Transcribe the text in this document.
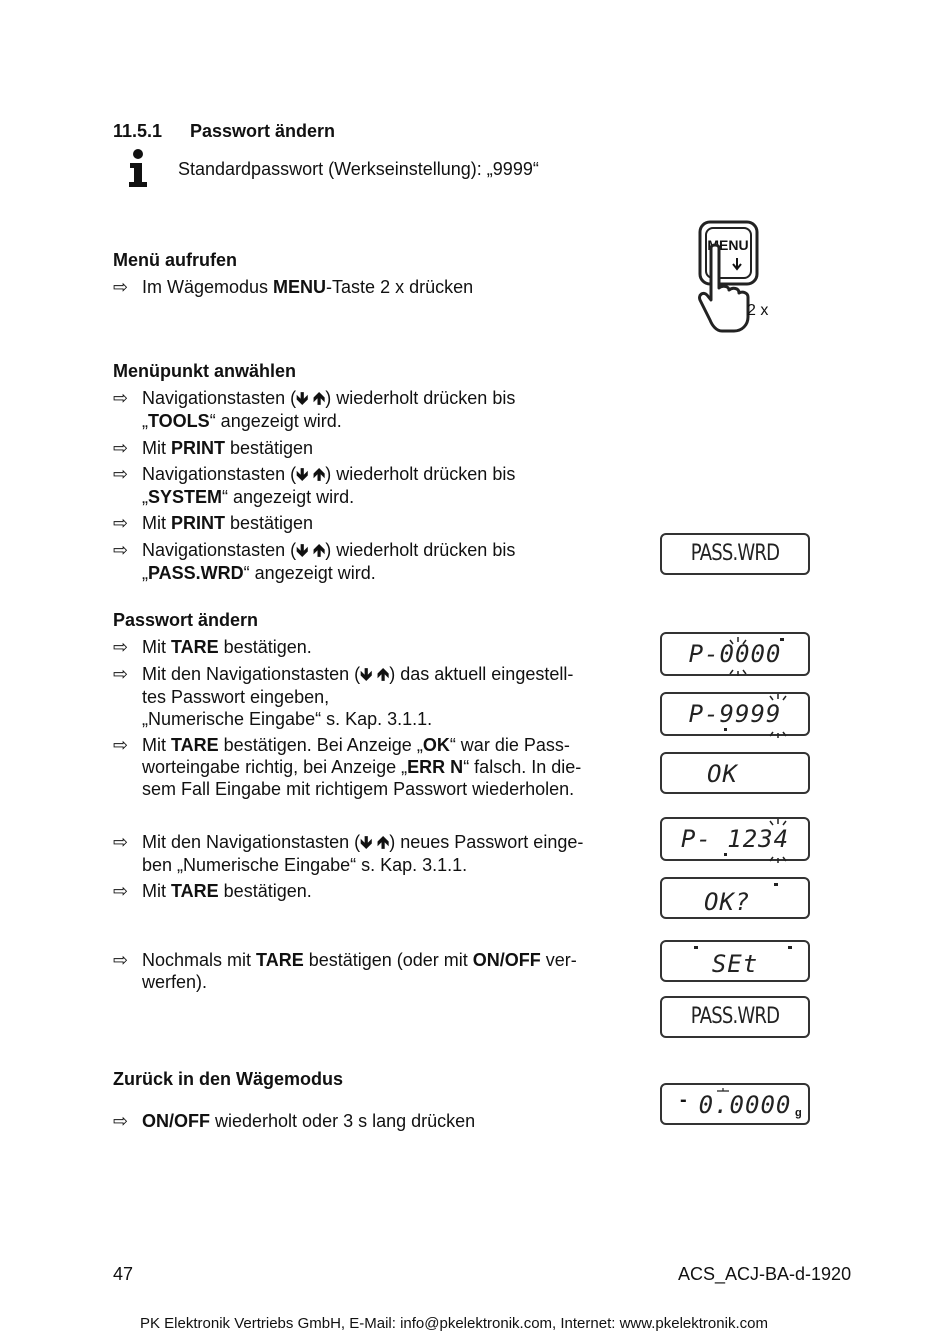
11.5.1 Passwort ändern
Standardpasswort (Werkseinstellung): „9999“
MENU
2 x
Menü aufrufen
⇨ Im Wägemodus MENU-Taste 2 x drücken
Menüpunkt anwählen
⇨ Navigationstasten (🡻 🡹) wiederholt drücken bis
„TOOLS“ angezeigt wird.
⇨ Mit PRINT bestätigen
⇨ Navigationstasten (🡻 🡹) wiederholt drücken bis
„SYSTEM“ angezeigt wird.
⇨ Mit PRINT bestätigen
⇨ Navigationstasten (🡻 🡹) wiederholt drücken bis
„PASS.WRD“ angezeigt wird.
Passwort ändern
⇨ Mit TARE bestätigen.
⇨ Mit den Navigationstasten (🡻 🡹) das aktuell eingestell-
tes Passwort eingeben,
„Numerische Eingabe“ s. Kap. 3.1.1.
⇨ Mit TARE bestätigen. Bei Anzeige „OK“ war die Pass-
worteingabe richtig, bei Anzeige „ERR N“ falsch. In die-
sem Fall Eingabe mit richtigem Passwort wiederholen.
⇨ Mit den Navigationstasten (🡻 🡹) neues Passwort einge-
ben „Numerische Eingabe“ s. Kap. 3.1.1.
⇨ Mit TARE bestätigen.
⇨ Nochmals mit TARE bestätigen (oder mit ON/OFF ver-
werfen).
Zurück in den Wägemodus
⇨ ON/OFF wiederholt oder 3 s lang drücken
PASS.WRD
P-0000
P-9999
OK
P- 1234
OK?
SEt
PASS.WRD
- 0.0000 g
47	ACS_ACJ-BA-d-1920
PK Elektronik Vertriebs GmbH, E-Mail: info@pkelektronik.com, Internet: www.pkelektronik.com
